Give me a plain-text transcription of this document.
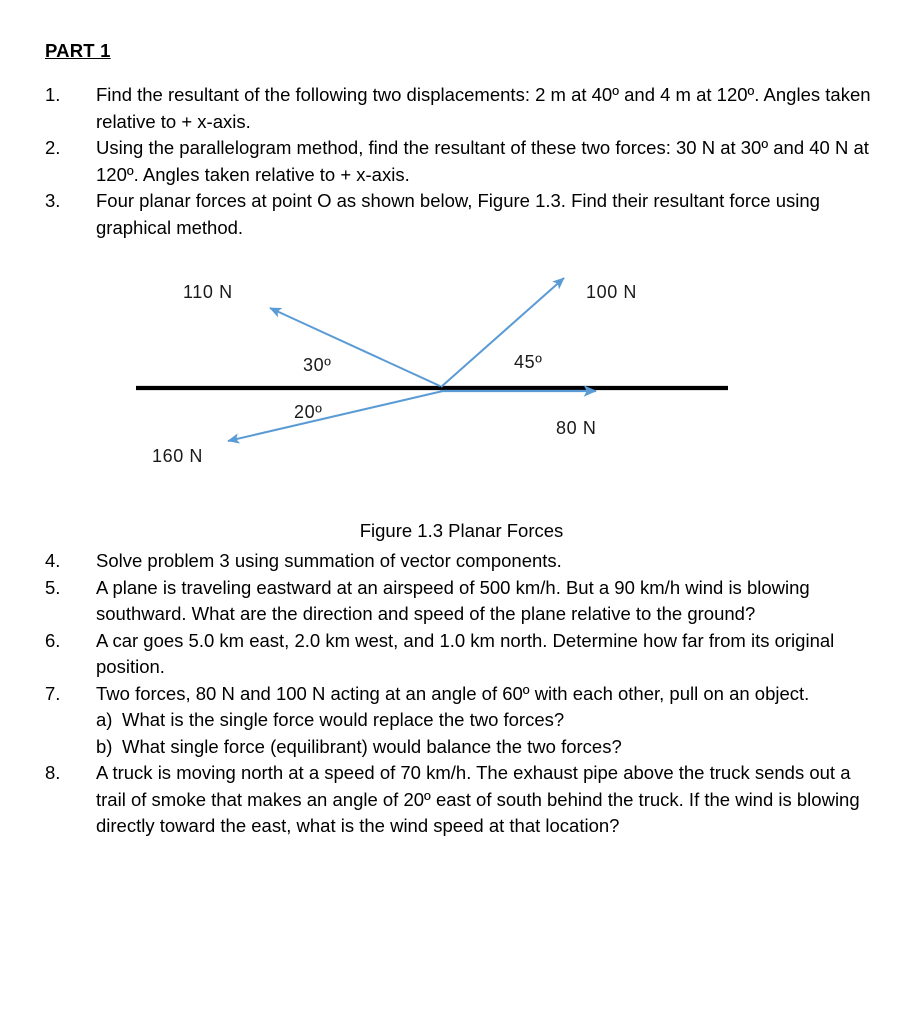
PART 1
1.	Find the resultant of the following two displacements: 2 m at 40º and 4 m at 120º. Angles taken relative to + x-axis.
2.	Using the parallelogram method, find the resultant of these two forces: 30 N at 30º and 40 N at 120º. Angles taken relative to + x-axis.
3.	Four planar forces at point O as shown below, Figure 1.3. Find their resultant force using graphical method.
110 N	100 N
80 N
160 N
30º	45º
20º
Figure 1.3 Planar Forces
4.	Solve problem 3 using summation of vector components.
5.	A plane is traveling eastward at an airspeed of 500 km/h. But a 90 km/h wind is blowing southward. What are the direction and speed of the plane relative to the ground?
6.	A car goes 5.0 km east, 2.0 km west, and 1.0 km north. Determine how far from its original position.
7.	Two forces, 80 N and 100 N acting at an angle of 60º with each other, pull on an object.
a) What is the single force would replace the two forces?
b) What single force (equilibrant) would balance the two forces?
8.	A truck is moving north at a speed of 70 km/h. The exhaust pipe above the truck sends out a trail of smoke that makes an angle of 20º east of south behind the truck. If the wind is blowing directly toward the east, what is the wind speed at that location?
